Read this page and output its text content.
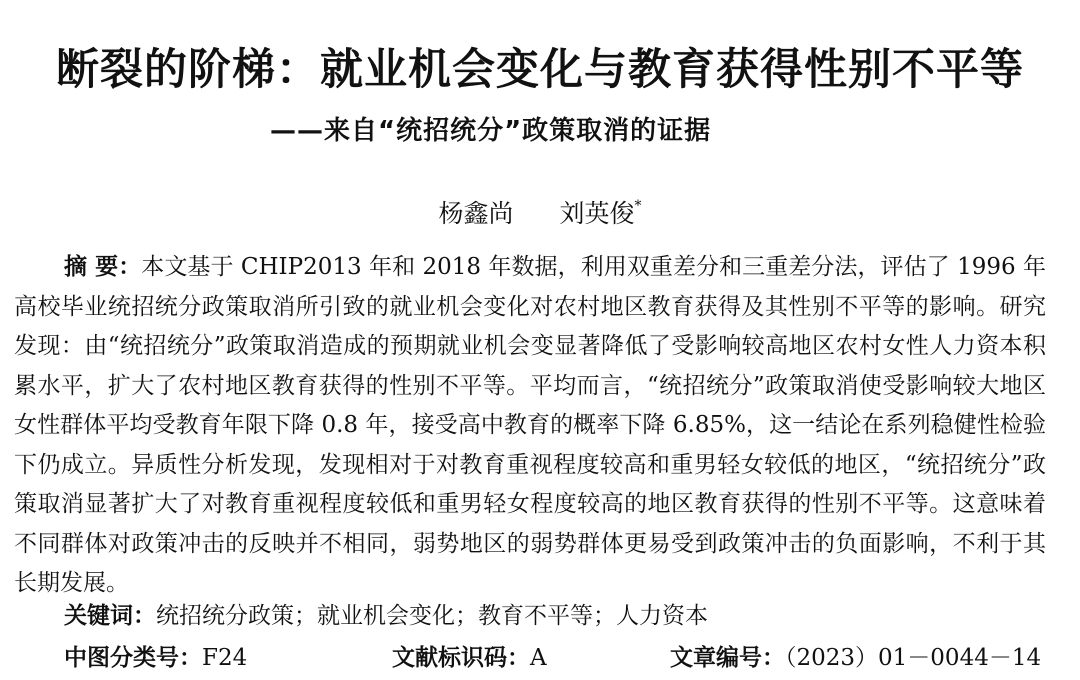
断裂的阶梯：就业机会变化与教育获得性别不平等
——来自“统招统分”政策取消的证据
杨鑫尚 刘英俊*
摘 要：本文基于 CHIP2013 年和 2018 年数据，利用双重差分和三重差分法，评估了 1996 年高校毕业统招统分政策取消所引致的就业机会变化对农村地区教育获得及其性别不平等的影响。研究发现：由“统招统分”政策取消造成的预期就业机会变显著降低了受影响较高地区农村女性人力资本积累水平，扩大了农村地区教育获得的性别不平等。平均而言，“统招统分”政策取消使受影响较大地区女性群体平均受教育年限下降 0.8 年，接受高中教育的概率下降 6.85%，这一结论在系列稳健性检验下仍成立。异质性分析发现，发现相对于对教育重视程度较高和重男轻女较低的地区，“统招统分”政策取消显著扩大了对教育重视程度较低和重男轻女程度较高的地区教育获得的性别不平等。这意味着不同群体对政策冲击的反映并不相同，弱势地区的弱势群体更易受到政策冲击的负面影响，不利于其长期发展。
关键词：统招统分政策；就业机会变化；教育不平等；人力资本
中图分类号：F24	文献标识码：A	文章编号：（2023）01－0044－14
